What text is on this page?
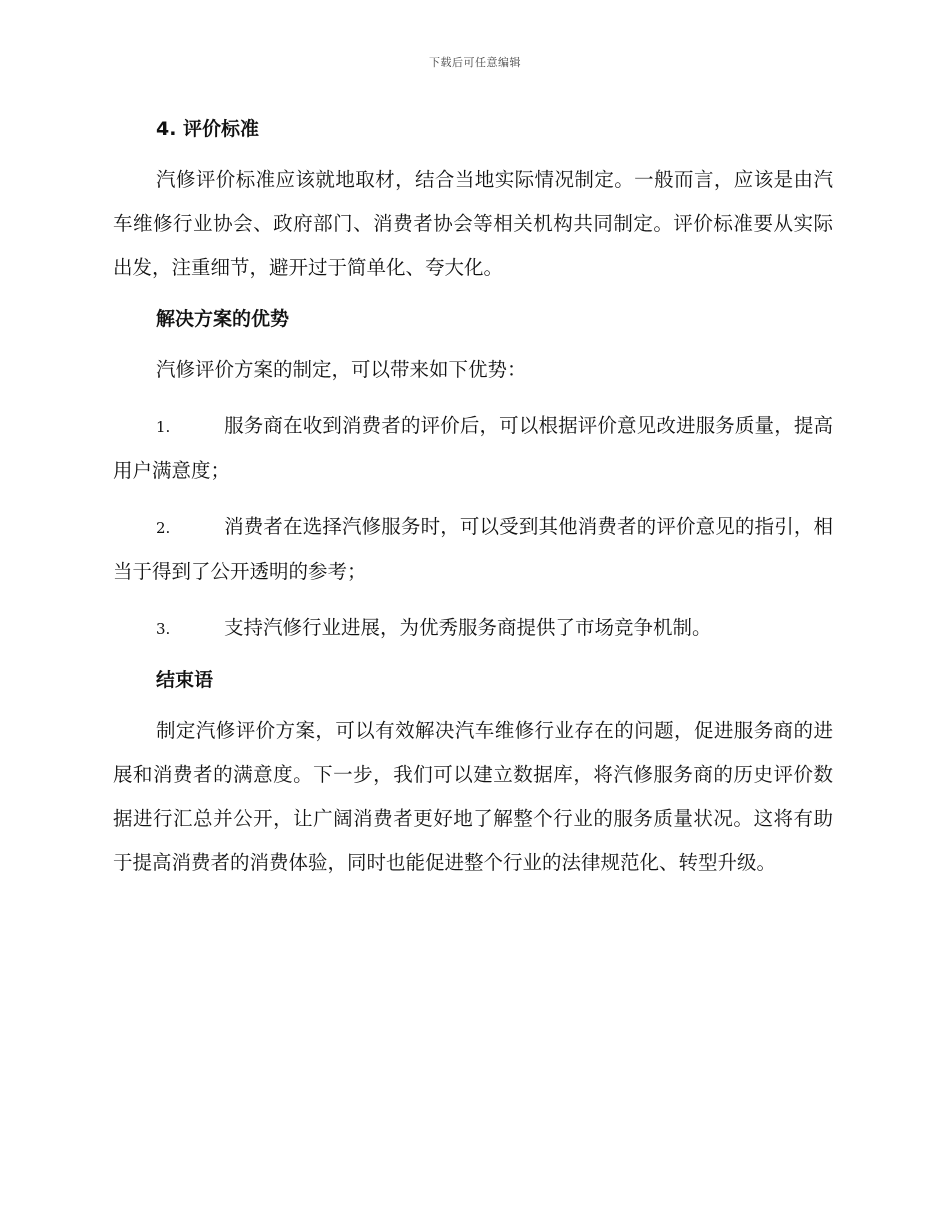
下载后可任意编辑
4. 评价标准

汽修评价标准应该就地取材，结合当地实际情况制定。一般而言，应该是由汽车维修行业协会、政府部门、消费者协会等相关机构共同制定。评价标准要从实际出发，注重细节，避开过于简单化、夸大化。

解决方案的优势

汽修评价方案的制定，可以带来如下优势：

1.	服务商在收到消费者的评价后，可以根据评价意见改进服务质量，提高用户满意度；
2.	消费者在选择汽修服务时，可以受到其他消费者的评价意见的指引，相当于得到了公开透明的参考；
3.	支持汽修行业进展，为优秀服务商提供了市场竞争机制。
结束语

制定汽修评价方案，可以有效解决汽车维修行业存在的问题，促进服务商的进展和消费者的满意度。下一步，我们可以建立数据库，将汽修服务商的历史评价数据进行汇总并公开，让广阔消费者更好地了解整个行业的服务质量状况。这将有助于提高消费者的消费体验，同时也能促进整个行业的法律规范化、转型升级。
